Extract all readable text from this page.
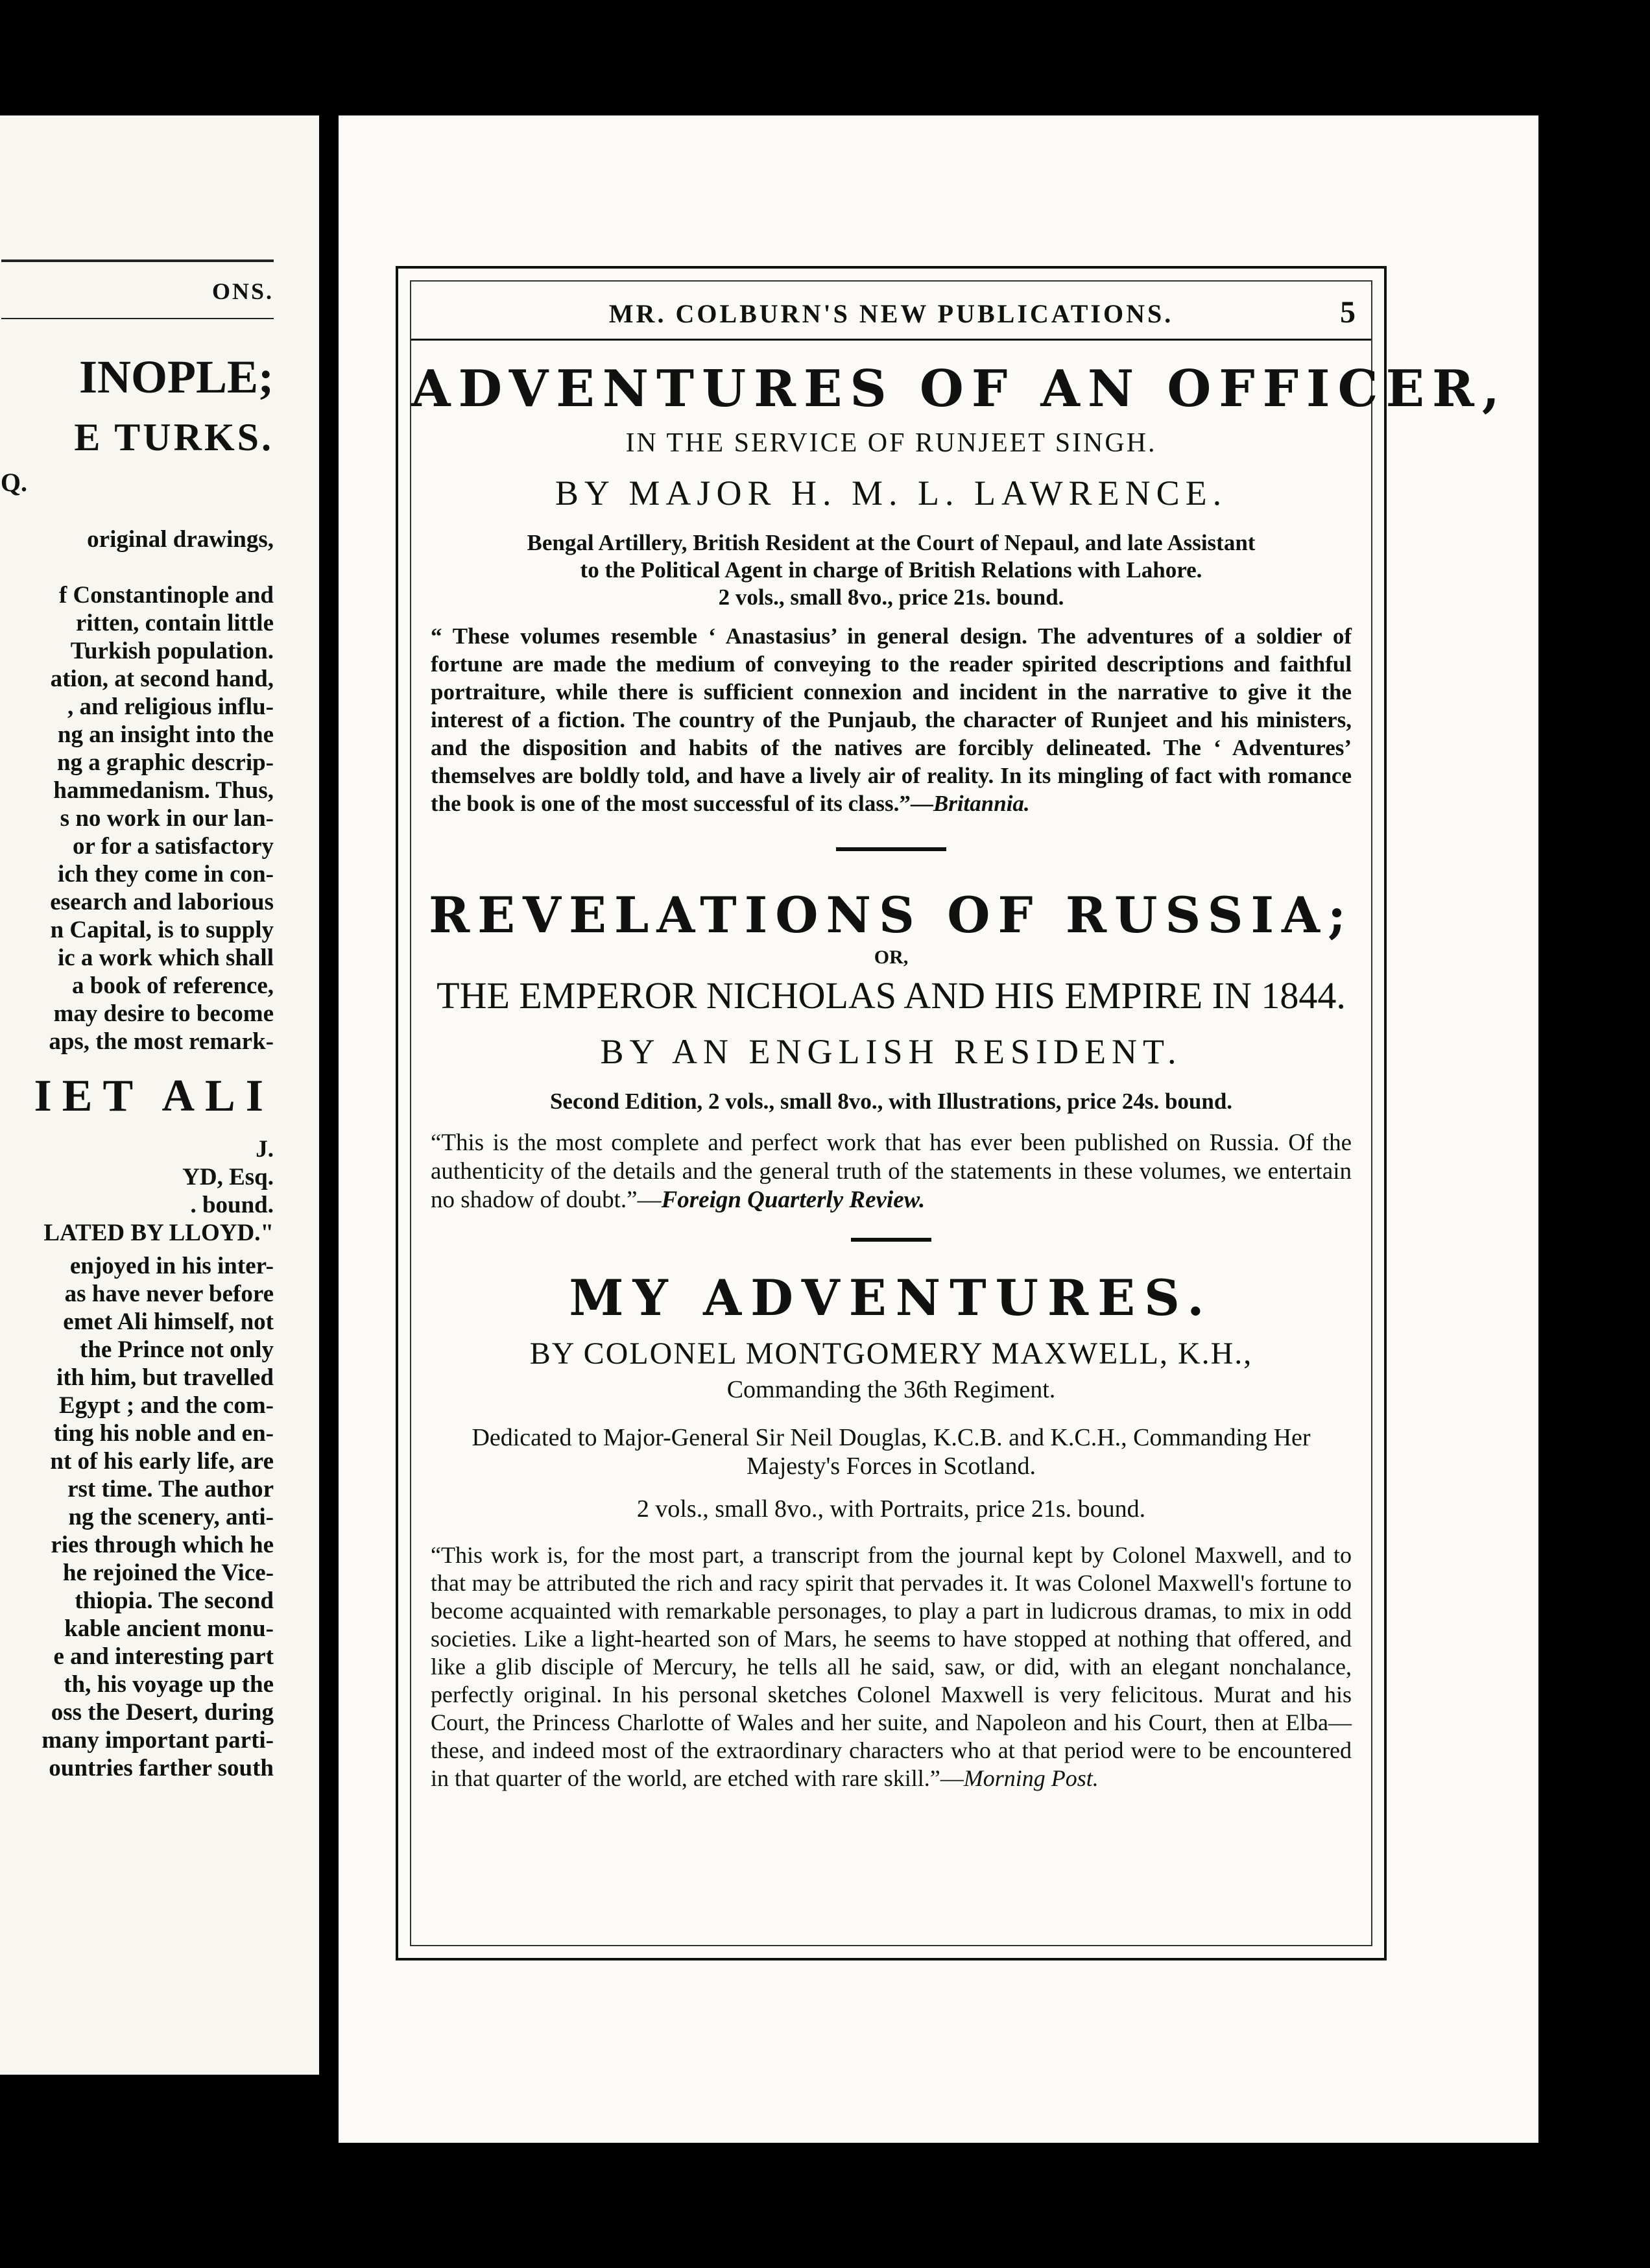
ONS.
INOPLE;
E TURKS.
Q.
original drawings,

f Constantinople and
ritten, contain little
Turkish population.
ation, at second hand,
, and religious influ-
ng an insight into the
ng a graphic descrip-
hammedanism. Thus,
s no work in our lan-
or for a satisfactory
ich they come in con-
esearch and laborious
n Capital, is to supply
ic a work which shall
a book of reference,
may desire to become
aps, the most remark-
IET ALI
J.
YD, Esq.
. bound.
LATED BY LLOYD."
enjoyed in his inter-
as have never before
emet Ali himself, not
the Prince not only
ith him, but travelled
Egypt ; and the com-
ting his noble and en-
nt of his early life, are
rst time. The author
ng the scenery, anti-
ries through which he
he rejoined the Vice-
thiopia. The second
kable ancient monu-
e and interesting part
th, his voyage up the
oss the Desert, during
many important parti-
ountries farther south
MR. COLBURN'S NEW PUBLICATIONS.	5
ADVENTURES OF AN OFFICER,
IN THE SERVICE OF RUNJEET SINGH.
BY MAJOR H. M. L. LAWRENCE.
Bengal Artillery, British Resident at the Court of Nepaul, and late Assistant
to the Political Agent in charge of British Relations with Lahore.
2 vols., small 8vo., price 21s. bound.

“ These volumes resemble ‘ Anastasius’ in general design. The adventures of a soldier of fortune are made the medium of conveying to the reader spirited descriptions and faithful portraiture, while there is sufficient connexion and incident in the narrative to give it the interest of a fiction. The country of the Punjaub, the character of Runjeet and his ministers, and the disposition and habits of the natives are forcibly delineated. The ‘ Adventures’ themselves are boldly told, and have a lively air of reality. In its mingling of fact with romance the book is one of the most successful of its class.”—Britannia.

REVELATIONS OF RUSSIA;
OR,
THE EMPEROR NICHOLAS AND HIS EMPIRE IN 1844.
BY AN ENGLISH RESIDENT.
Second Edition, 2 vols., small 8vo., with Illustrations, price 24s. bound.

“This is the most complete and perfect work that has ever been published on Russia. Of the authenticity of the details and the general truth of the statements in these volumes, we entertain no shadow of doubt.”—Foreign Quarterly Review.

MY ADVENTURES.
BY COLONEL MONTGOMERY MAXWELL, K.H.,
Commanding the 36th Regiment.

Dedicated to Major-General Sir Neil Douglas, K.C.B. and K.C.H., Commanding Her Majesty's Forces in Scotland.

2 vols., small 8vo., with Portraits, price 21s. bound.

“This work is, for the most part, a transcript from the journal kept by Colonel Maxwell, and to that may be attributed the rich and racy spirit that pervades it. It was Colonel Maxwell's fortune to become acquainted with remarkable personages, to play a part in ludicrous dramas, to mix in odd societies. Like a light-hearted son of Mars, he seems to have stopped at nothing that offered, and like a glib disciple of Mercury, he tells all he said, saw, or did, with an elegant nonchalance, perfectly original. In his personal sketches Colonel Maxwell is very felicitous. Murat and his Court, the Princess Charlotte of Wales and her suite, and Napoleon and his Court, then at Elba—these, and indeed most of the extraordinary characters who at that period were to be encountered in that quarter of the world, are etched with rare skill.”—Morning Post.
